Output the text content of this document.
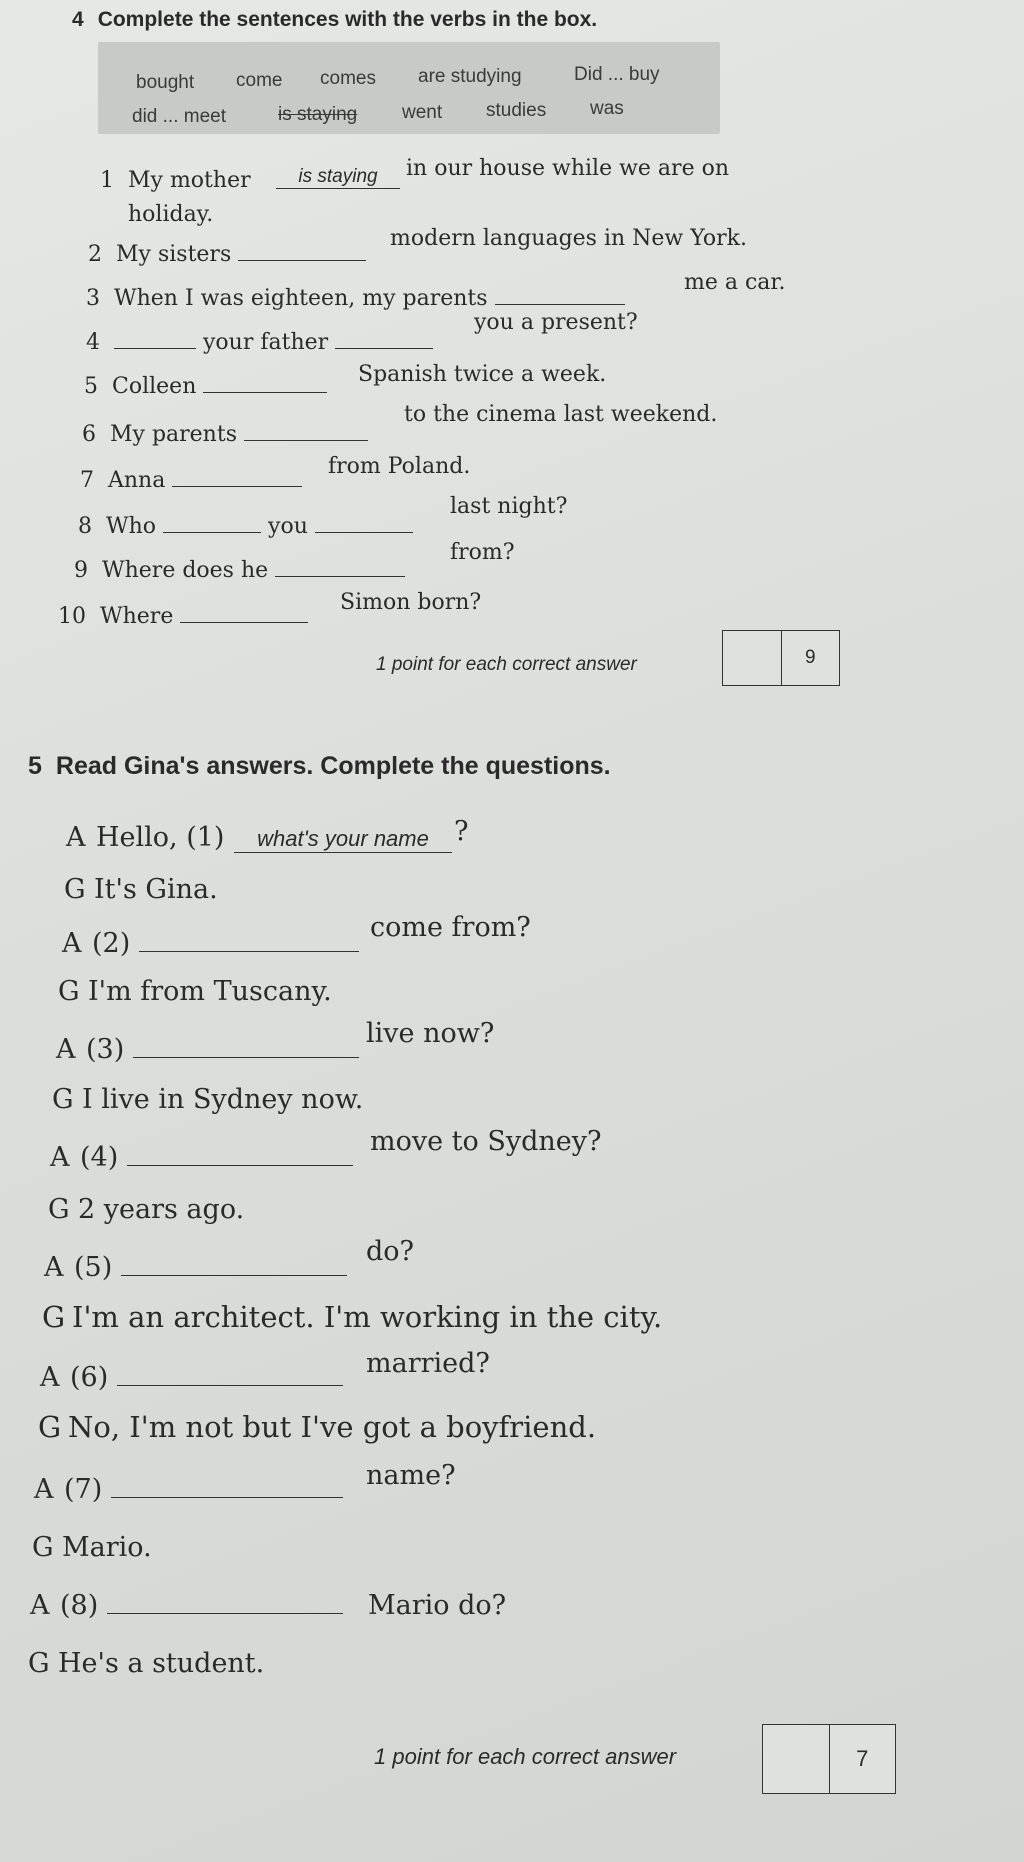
4 Complete the sentences with the verbs in the box.
bought come comes are studying	Did ... buy
did ... meet	is staying went studies was
1 My mother	is staying	in our house while we are on
holiday.
2 My sisters
modern languages in New York.
3 When I was eighteen, my parents
me a car.
4	your father
you a present?
5 Colleen	Spanish twice a week.
6 My parents
to the cinema last weekend.
7 Anna
from Poland.
8 Who	you
last night?
9 Where does he
from?
10 Where
Simon born?
1 point for each correct answer	9
5 Read Gina's answers. Complete the questions.
A Hello, (1)	what's your name ?
G It's Gina.
A (2)
come from?
G I'm from Tuscany.
A (3)
live now?
G I live in Sydney now.
A (4)
move to Sydney?
G 2 years ago.
A (5)
do?
G I'm an architect. I'm working in the city.
A (6)	married?
G No, I'm not but I've got a boyfriend.
A (7)	name?
G Mario.
A (8)	Mario do?
G He's a student.
1 point for each correct answer	7
